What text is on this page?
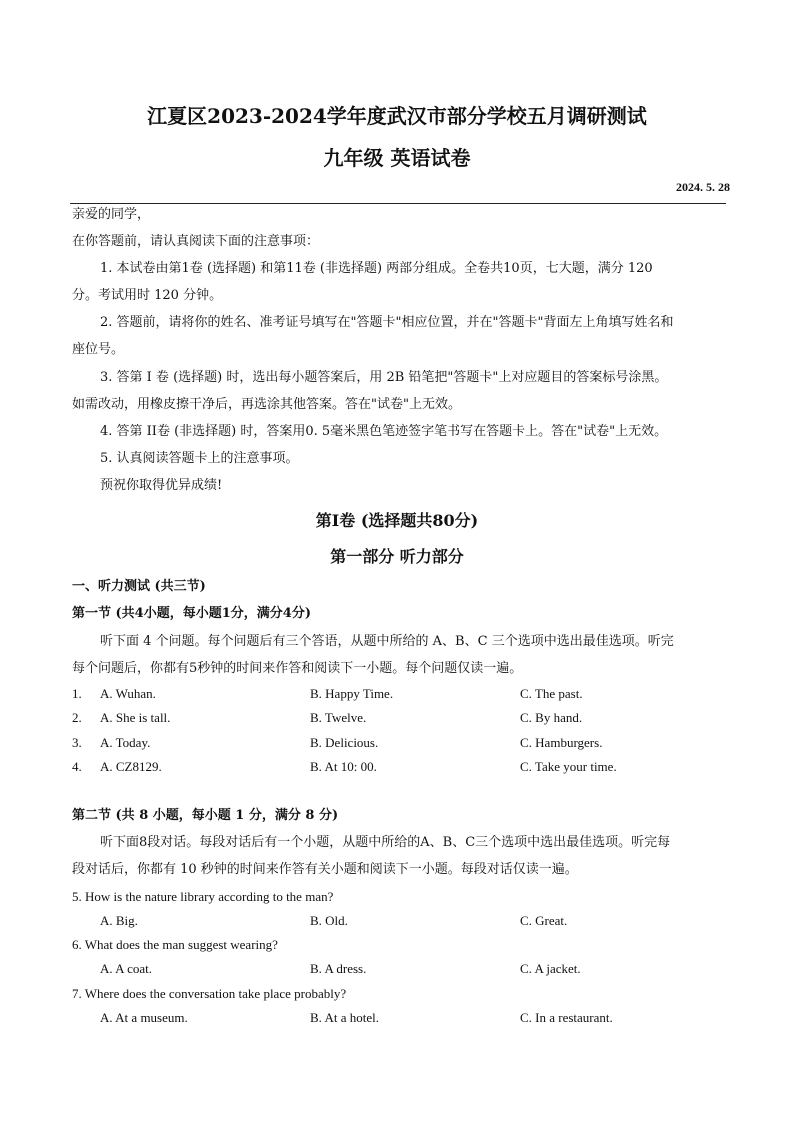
江夏区2023-2024学年度武汉市部分学校五月调研测试
九年级 英语试卷
2024. 5. 28
亲爱的同学，
在你答题前，请认真阅读下面的注意事项：
1. 本试卷由第1卷 (选择题) 和第11卷 (非选择题) 两部分组成。全卷共10页，七大题，满分 120
分。考试用时 120 分钟。
2. 答题前，请将你的姓名、准考证号填写在"答题卡"相应位置，并在"答题卡"背面左上角填写姓名和
座位号。
3. 答第 I 卷 (选择题) 时，选出每小题答案后，用 2B 铅笔把"答题卡"上对应题目的答案标号涂黑。
如需改动，用橡皮擦干净后，再选涂其他答案。答在"试卷"上无效。
4. 答第 II卷 (非选择题) 时，答案用0. 5毫米黑色笔迹签字笔书写在答题卡上。答在"试卷"上无效。
5. 认真阅读答题卡上的注意事项。
预祝你取得优异成绩!
第Ⅰ卷 (选择题共80分)
第一部分 听力部分
一、听力测试 (共三节)
第一节 (共4小题，每小题1分，满分4分)
听下面 4 个问题。每个问题后有三个答语，从题中所给的 A、B、C 三个选项中选出最佳选项。听完
每个问题后，你都有5秒钟的时间来作答和阅读下一小题。每个问题仅读一遍。
1. A. Wuhan.	B. Happy Time.	C. The past.
2. A. She is tall.	B. Twelve.	C. By hand.
3. A. Today.	B. Delicious.	C. Hamburgers.
4. A. CZ8129.	B. At 10: 00.	C. Take your time.
第二节 (共 8 小题，每小题 1 分，满分 8 分)
听下面8段对话。每段对话后有一个小题，从题中所给的A、B、C三个选项中选出最佳选项。听完每
段对话后，你都有 10 秒钟的时间来作答有关小题和阅读下一小题。每段对话仅读一遍。
5. How is the nature library according to the man?
A. Big.	B. Old.	C. Great.
6. What does the man suggest wearing?
A. A coat.	B. A dress.	C. A jacket.
7. Where does the conversation take place probably?
A. At a museum.	B. At a hotel.	C. In a restaurant.
